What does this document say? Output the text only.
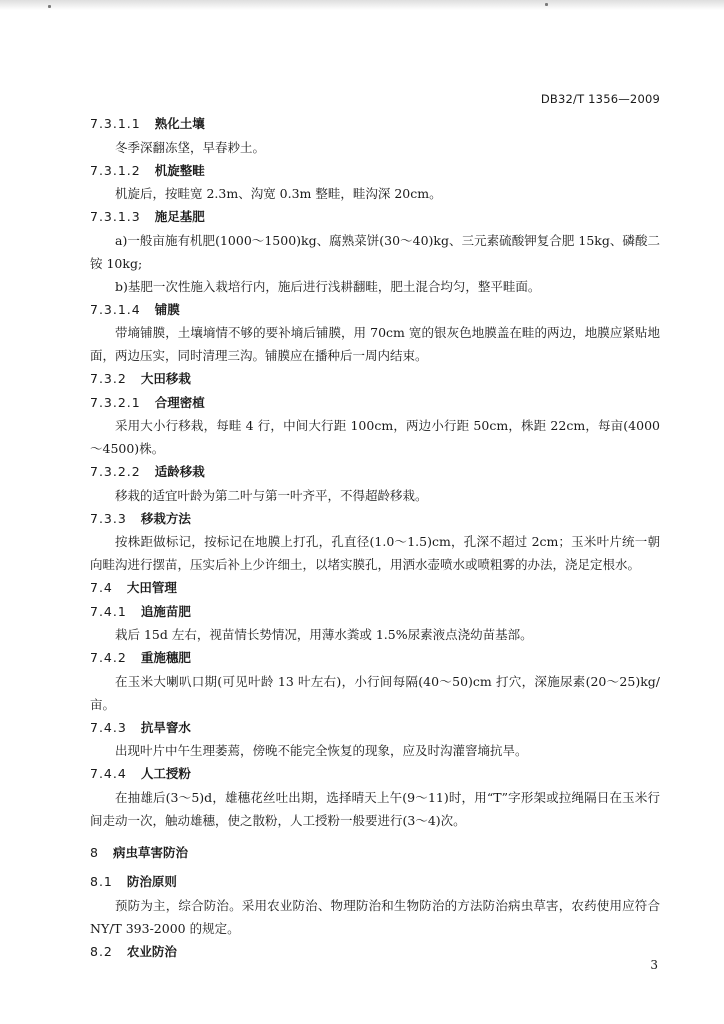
DB32/T 1356—2009
7.3.1.1 熟化土壤
冬季深翻冻垡，早春耖土。
7.3.1.2 机旋整畦
机旋后，按畦宽 2.3m、沟宽 0.3m 整畦，畦沟深 20cm。
7.3.1.3 施足基肥
a)一般亩施有机肥(1000～1500)kg、腐熟菜饼(30～40)kg、三元素硫酸钾复合肥 15kg、磷酸二铵 10kg;
b)基肥一次性施入栽培行内，施后进行浅耕翻畦，肥土混合均匀，整平畦面。
7.3.1.4 铺膜
带墒铺膜，土壤墒情不够的要补墒后铺膜，用 70cm 宽的银灰色地膜盖在畦的两边，地膜应紧贴地面，两边压实，同时清理三沟。铺膜应在播种后一周内结束。
7.3.2 大田移栽
7.3.2.1 合理密植
采用大小行移栽，每畦 4 行，中间大行距 100cm，两边小行距 50cm，株距 22cm，每亩(4000～4500)株。
7.3.2.2 适龄移栽
移栽的适宜叶龄为第二叶与第一叶齐平，不得超龄移栽。
7.3.3 移栽方法
按株距做标记，按标记在地膜上打孔，孔直径(1.0～1.5)cm，孔深不超过 2cm；玉米叶片统一朝向畦沟进行摆苗，压实后补上少许细土，以堵实膜孔，用洒水壶喷水或喷粗雾的办法，浇足定根水。
7.4 大田管理
7.4.1 追施苗肥
栽后 15d 左右，视苗情长势情况，用薄水粪或 1.5%尿素液点浇幼苗基部。
7.4.2 重施穗肥
在玉米大喇叭口期(可见叶龄 13 叶左右)，小行间每隔(40～50)cm 打穴，深施尿素(20～25)kg/亩。
7.4.3 抗旱窨水
出现叶片中午生理萎蔫，傍晚不能完全恢复的现象，应及时沟灌窨墒抗旱。
7.4.4 人工授粉
在抽雄后(3～5)d，雄穗花丝吐出期，选择晴天上午(9～11)时，用“T”字形架或拉绳隔日在玉米行间走动一次，触动雄穗，使之散粉，人工授粉一般要进行(3～4)次。
8 病虫草害防治
8.1 防治原则
预防为主，综合防治。采用农业防治、物理防治和生物防治的方法防治病虫草害，农药使用应符合 NY/T 393-2000 的规定。
8.2 农业防治
3
